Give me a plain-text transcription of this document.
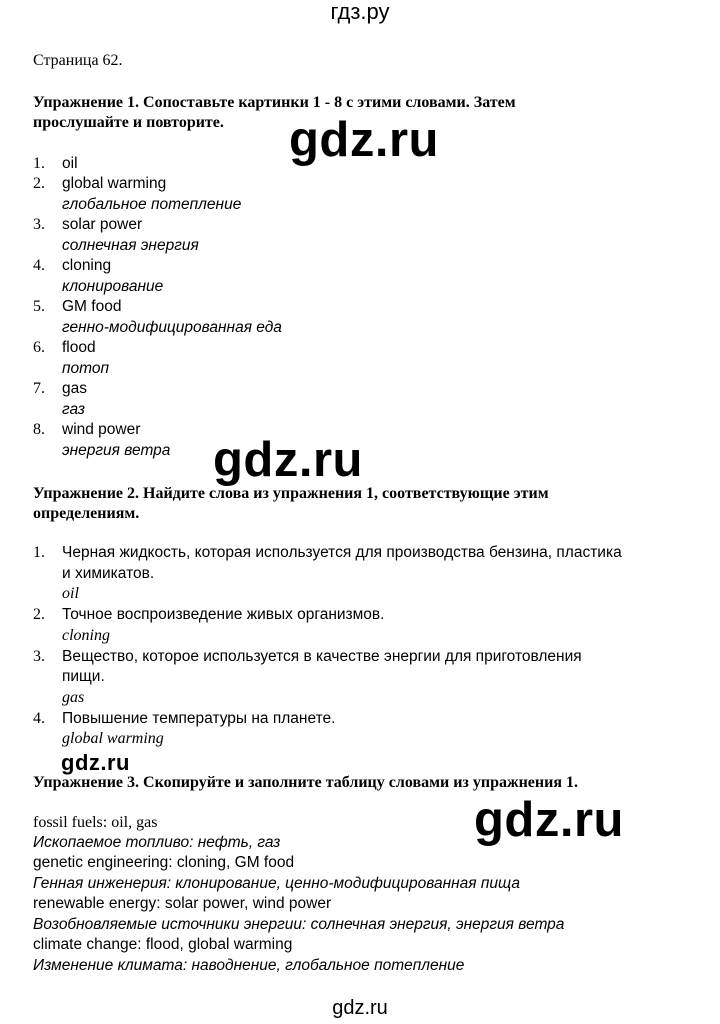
гдз.ру
Страница 62.
Упражнение 1. Сопоставьте картинки 1 - 8 с этими словами. Затем
прослушайте и повторите.
1. oil
2. global warming
глобальное потепление
3. solar power
солнечная энергия
4. cloning
клонирование
5. GM food
генно-модифицированная еда
6. flood
потоп
7. gas
газ
8. wind power
энергия ветра
Упражнение 2. Найдите слова из упражнения 1, соответствующие этим
определениям.
1. Черная жидкость, которая используется для производства бензина, пластика
и химикатов.
oil
2. Точное воспроизведение живых организмов.
cloning
3. Вещество, которое используется в качестве энергии для приготовления
пищи.
gas
4. Повышение температуры на планете.
global warming
Упражнение 3. Скопируйте и заполните таблицу словами из упражнения 1.
fossil fuels: oil, gas
Ископаемое топливо: нефть, газ
genetic engineering: cloning, GM food
Генная инженерия: клонирование, ценно-модифицированная пища
renewable energy: solar power, wind power
Возобновляемые источники энергии: солнечная энергия, энергия ветра
climate change: flood, global warming
Изменение климата: наводнение, глобальное потепление
gdz.ru
gdz.ru
gdz.ru
gdz.ru
gdz.ru
